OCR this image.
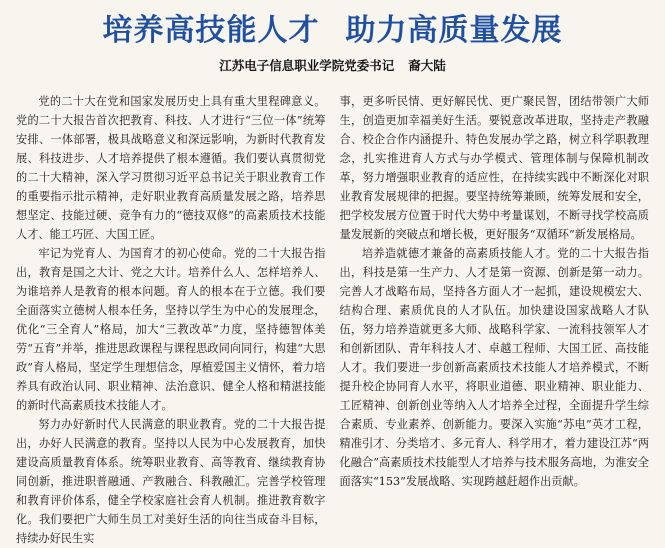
培养高技能人才 助力高质量发展
江苏电子信息职业学院党委书记 裔大陆

党的二十大在党和国家发展历史上具有重大里程碑意义。党的二十大报告首次把教育、科技、人才进行“三位一体”统筹安排、一体部署，极具战略意义和深远影响，为新时代教育发展、科技进步、人才培养提供了根本遵循。我们要认真贯彻党的二十大精神，深入学习贯彻习近平总书记关于职业教育工作的重要指示批示精神，走好职业教育高质量发展之路，培养思想坚定、技能过硬、竞争有力的“德技双修”的高素质技术技能人才、能工巧匠、大国工匠。

牢记为党育人、为国育才的初心使命。党的二十大报告指出，教育是国之大计、党之大计。培养什么人、怎样培养人、为谁培养人是教育的根本问题。育人的根本在于立德。我们要全面落实立德树人根本任务，坚持以学生为中心的发展理念，优化“三全育人”格局，加大“三教改革”力度，坚持德智体美劳“五育”并举，推进思政课程与课程思政同向同行，构建“大思政”育人格局，坚定学生理想信念，厚植爱国主义情怀，着力培养具有政治认同、职业精神、法治意识、健全人格和精湛技能的新时代高素质技术技能人才。

努力办好新时代人民满意的职业教育。党的二十大报告提出，办好人民满意的教育。坚持以人民为中心发展教育，加快建设高质量教育体系。统筹职业教育、高等教育、继续教育协同创新，推进职普融通、产教融合、科教融汇。完善学校管理和教育评价体系，健全学校家庭社会育人机制。推进教育数字化。我们要把广大师生员工对美好生活的向往当成奋斗目标，持续办好民生实

事，更多听民情、更好解民忧、更广聚民智，团结带领广大师生，创造更加幸福美好生活。要锐意改革进取，坚持走产教融合、校企合作内涵提升、特色发展办学之路，树立科学职教理念，扎实推进育人方式与办学模式、管理体制与保障机制改革，努力增强职业教育的适应性，在持续实践中不断深化对职业教育发展规律的把握。要坚持统筹兼顾，统筹发展和安全，把学校发展方位置于时代大势中考量谋划，不断寻找学校高质量发展新的突破点和增长极，更好服务“双循环”新发展格局。

培养造就德才兼备的高素质技能人才。党的二十大报告指出，科技是第一生产力、人才是第一资源、创新是第一动力。完善人才战略布局，坚持各方面人才一起抓，建设规模宏大、结构合理、素质优良的人才队伍。加快建设国家战略人才队伍，努力培养造就更多大师、战略科学家、一流科技领军人才和创新团队、青年科技人才、卓越工程师、大国工匠、高技能人才。我们要进一步创新高素质技术技能人才培养模式，不断提升校企协同育人水平，将职业道德、职业精神、职业能力、工匠精神、创新创业等纳入人才培养全过程，全面提升学生综合素质、专业素养、创新能力。要深入实施“苏电”英才工程，精准引才、分类培才、多元育人、科学用才，着力建设江苏“两化融合”高素质技术技能型人才培养与技术服务高地，为淮安全面落实“153”发展战略、实现跨越赶超作出贡献。
